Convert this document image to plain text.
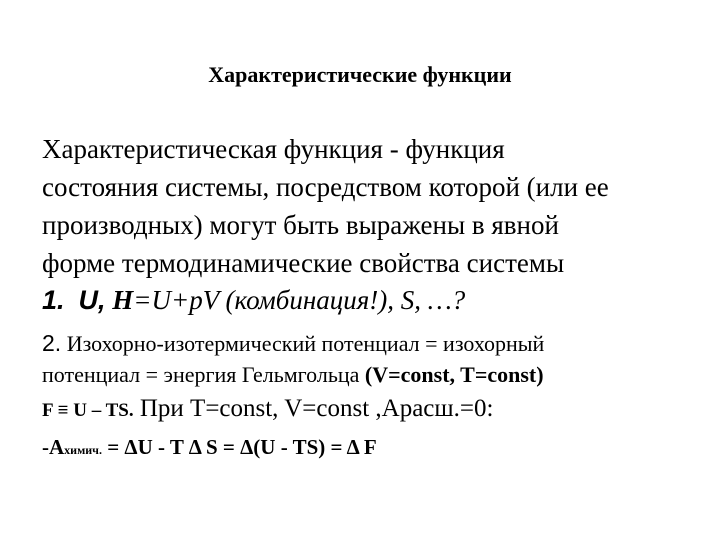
Характеристические функции
Характеристическая функция - функция
состояния системы, посредством которой (или ее
производных) могут быть выражены в явной
форме термодинамические свойства системы
1. U, H=U+pV (комбинация!), S, …?
2. Изохорно-изотермический потенциал = изохорный
потенциал = энергия Гельмгольца (V=const, T=const)
F ≡ U – TS. При T=const, V=const ,Aрасш.=0:
-Aхимич. = ΔU - T Δ S = Δ(U - TS) = Δ F
